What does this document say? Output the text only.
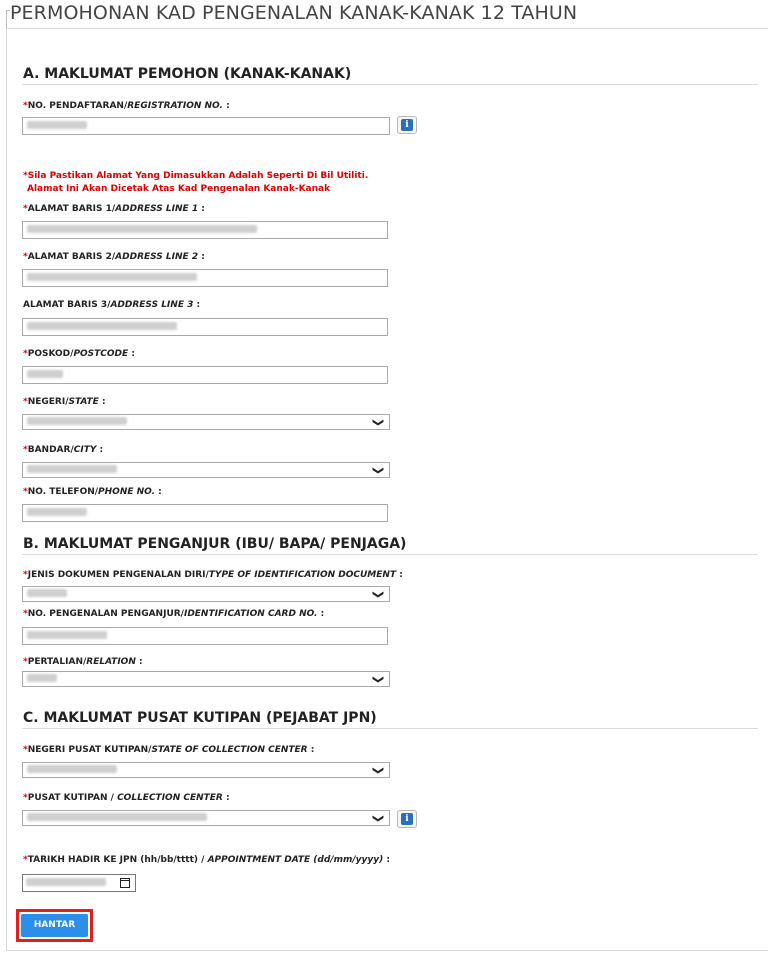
PERMOHONAN KAD PENGENALAN KANAK-KANAK 12 TAHUN
A. MAKLUMAT PEMOHON (KANAK-KANAK)
*NO. PENDAFTARAN/REGISTRATION NO. :
i
*Sila Pastikan Alamat Yang Dimasukkan Adalah Seperti Di Bil Utiliti.
Alamat Ini Akan Dicetak Atas Kad Pengenalan Kanak-Kanak
*ALAMAT BARIS 1/ADDRESS LINE 1 :
*ALAMAT BARIS 2/ADDRESS LINE 2 :
ALAMAT BARIS 3/ADDRESS LINE 3 :
*POSKOD/POSTCODE :
*NEGERI/STATE :
❯
*BANDAR/CITY :
❯
*NO. TELEFON/PHONE NO. :
B. MAKLUMAT PENGANJUR (IBU/ BAPA/ PENJAGA)
*JENIS DOKUMEN PENGENALAN DIRI/TYPE OF IDENTIFICATION DOCUMENT :
❯
*NO. PENGENALAN PENGANJUR/IDENTIFICATION CARD NO. :
*PERTALIAN/RELATION :
❯
C. MAKLUMAT PUSAT KUTIPAN (PEJABAT JPN)
*NEGERI PUSAT KUTIPAN/STATE OF COLLECTION CENTER :
❯
*PUSAT KUTIPAN / COLLECTION CENTER :
❯	i
*TARIKH HADIR KE JPN (hh/bb/tttt) / APPOINTMENT DATE (dd/mm/yyyy) :
HANTAR
